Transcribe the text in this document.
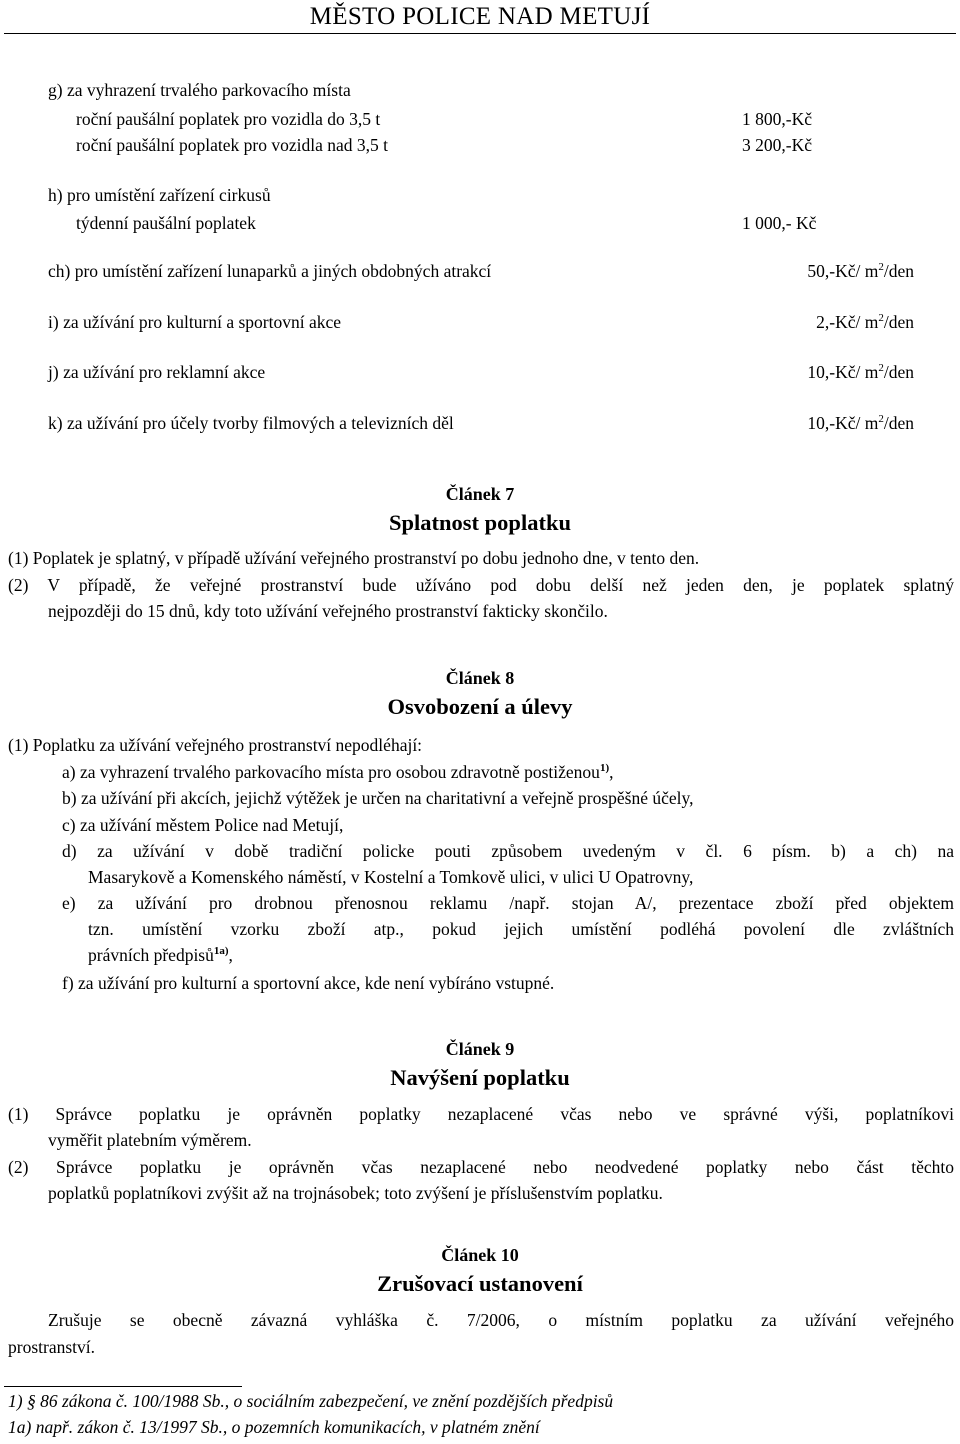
MĚSTO POLICE NAD METUJÍ
g) za vyhrazení trvalého parkovacího místa
roční paušální poplatek pro vozidla do 3,5 t	1 800,-Kč
roční paušální poplatek pro vozidla nad 3,5 t	3 200,-Kč
h) pro umístění zařízení cirkusů
týdenní paušální poplatek	1 000,- Kč
ch) pro umístění zařízení lunaparků a jiných obdobných atrakcí	50,-Kč/ $m^2$/den
i) za užívání pro kulturní a sportovní akce	2,-Kč/ $m^2$/den
j) za užívání pro reklamní akce	10,-Kč/ $m^2$/den
k) za užívání pro účely tvorby filmových a televizních děl	10,-Kč/ $m^2$/den
Článek 7
Splatnost poplatku
(1) Poplatek je splatný, v případě užívání veřejného prostranství po dobu jednoho dne, v tento den.
(2) V případě, že veřejné prostranství bude užíváno pod dobu delší než jeden den, je poplatek splatný
nejpozději do 15 dnů, kdy toto užívání veřejného prostranství fakticky skončilo.
Článek 8
Osvobození a úlevy
(1) Poplatku za užívání veřejného prostranství nepodléhají:
a) za vyhrazení trvalého parkovacího místa pro osobou zdravotně postiženou$^{1)}$,
b) za užívání při akcích, jejichž výtěžek je určen na charitativní a veřejně prospěšné účely,
c) za užívání městem Police nad Metují,
d) za užívání v době tradiční policke pouti způsobem uvedeným v čl. 6 písm. b) a ch) na
Masarykově a Komenského náměstí, v Kostelní a Tomkově ulici, v ulici U Opatrovny,
e) za užívání pro drobnou přenosnou reklamu /např. stojan A/, prezentace zboží před objektem
tzn. umístění vzorku zboží atp., pokud jejich umístění podléhá povolení dle zvláštních
právních předpisů$^{1a)}$,
f) za užívání pro kulturní a sportovní akce, kde není vybíráno vstupné.
Článek 9
Navýšení poplatku
(1) Správce poplatku je oprávněn poplatky nezaplacené včas nebo ve správné výši, poplatníkovi
vyměřit platebním výměrem.
(2) Správce poplatku je oprávněn včas nezaplacené nebo neodvedené poplatky nebo část těchto
poplatků poplatníkovi zvýšit až na trojnásobek; toto zvýšení je příslušenstvím poplatku.
Článek 10
Zrušovací ustanovení
Zrušuje se obecně závazná vyhláška č. 7/2006, o místním poplatku za užívání veřejného
prostranství.
1) § 86 zákona č. 100/1988 Sb., o sociálním zabezpečení, ve znění pozdějších předpisů
1a) např. zákon č. 13/1997 Sb., o pozemních komunikacích, v platném znění
